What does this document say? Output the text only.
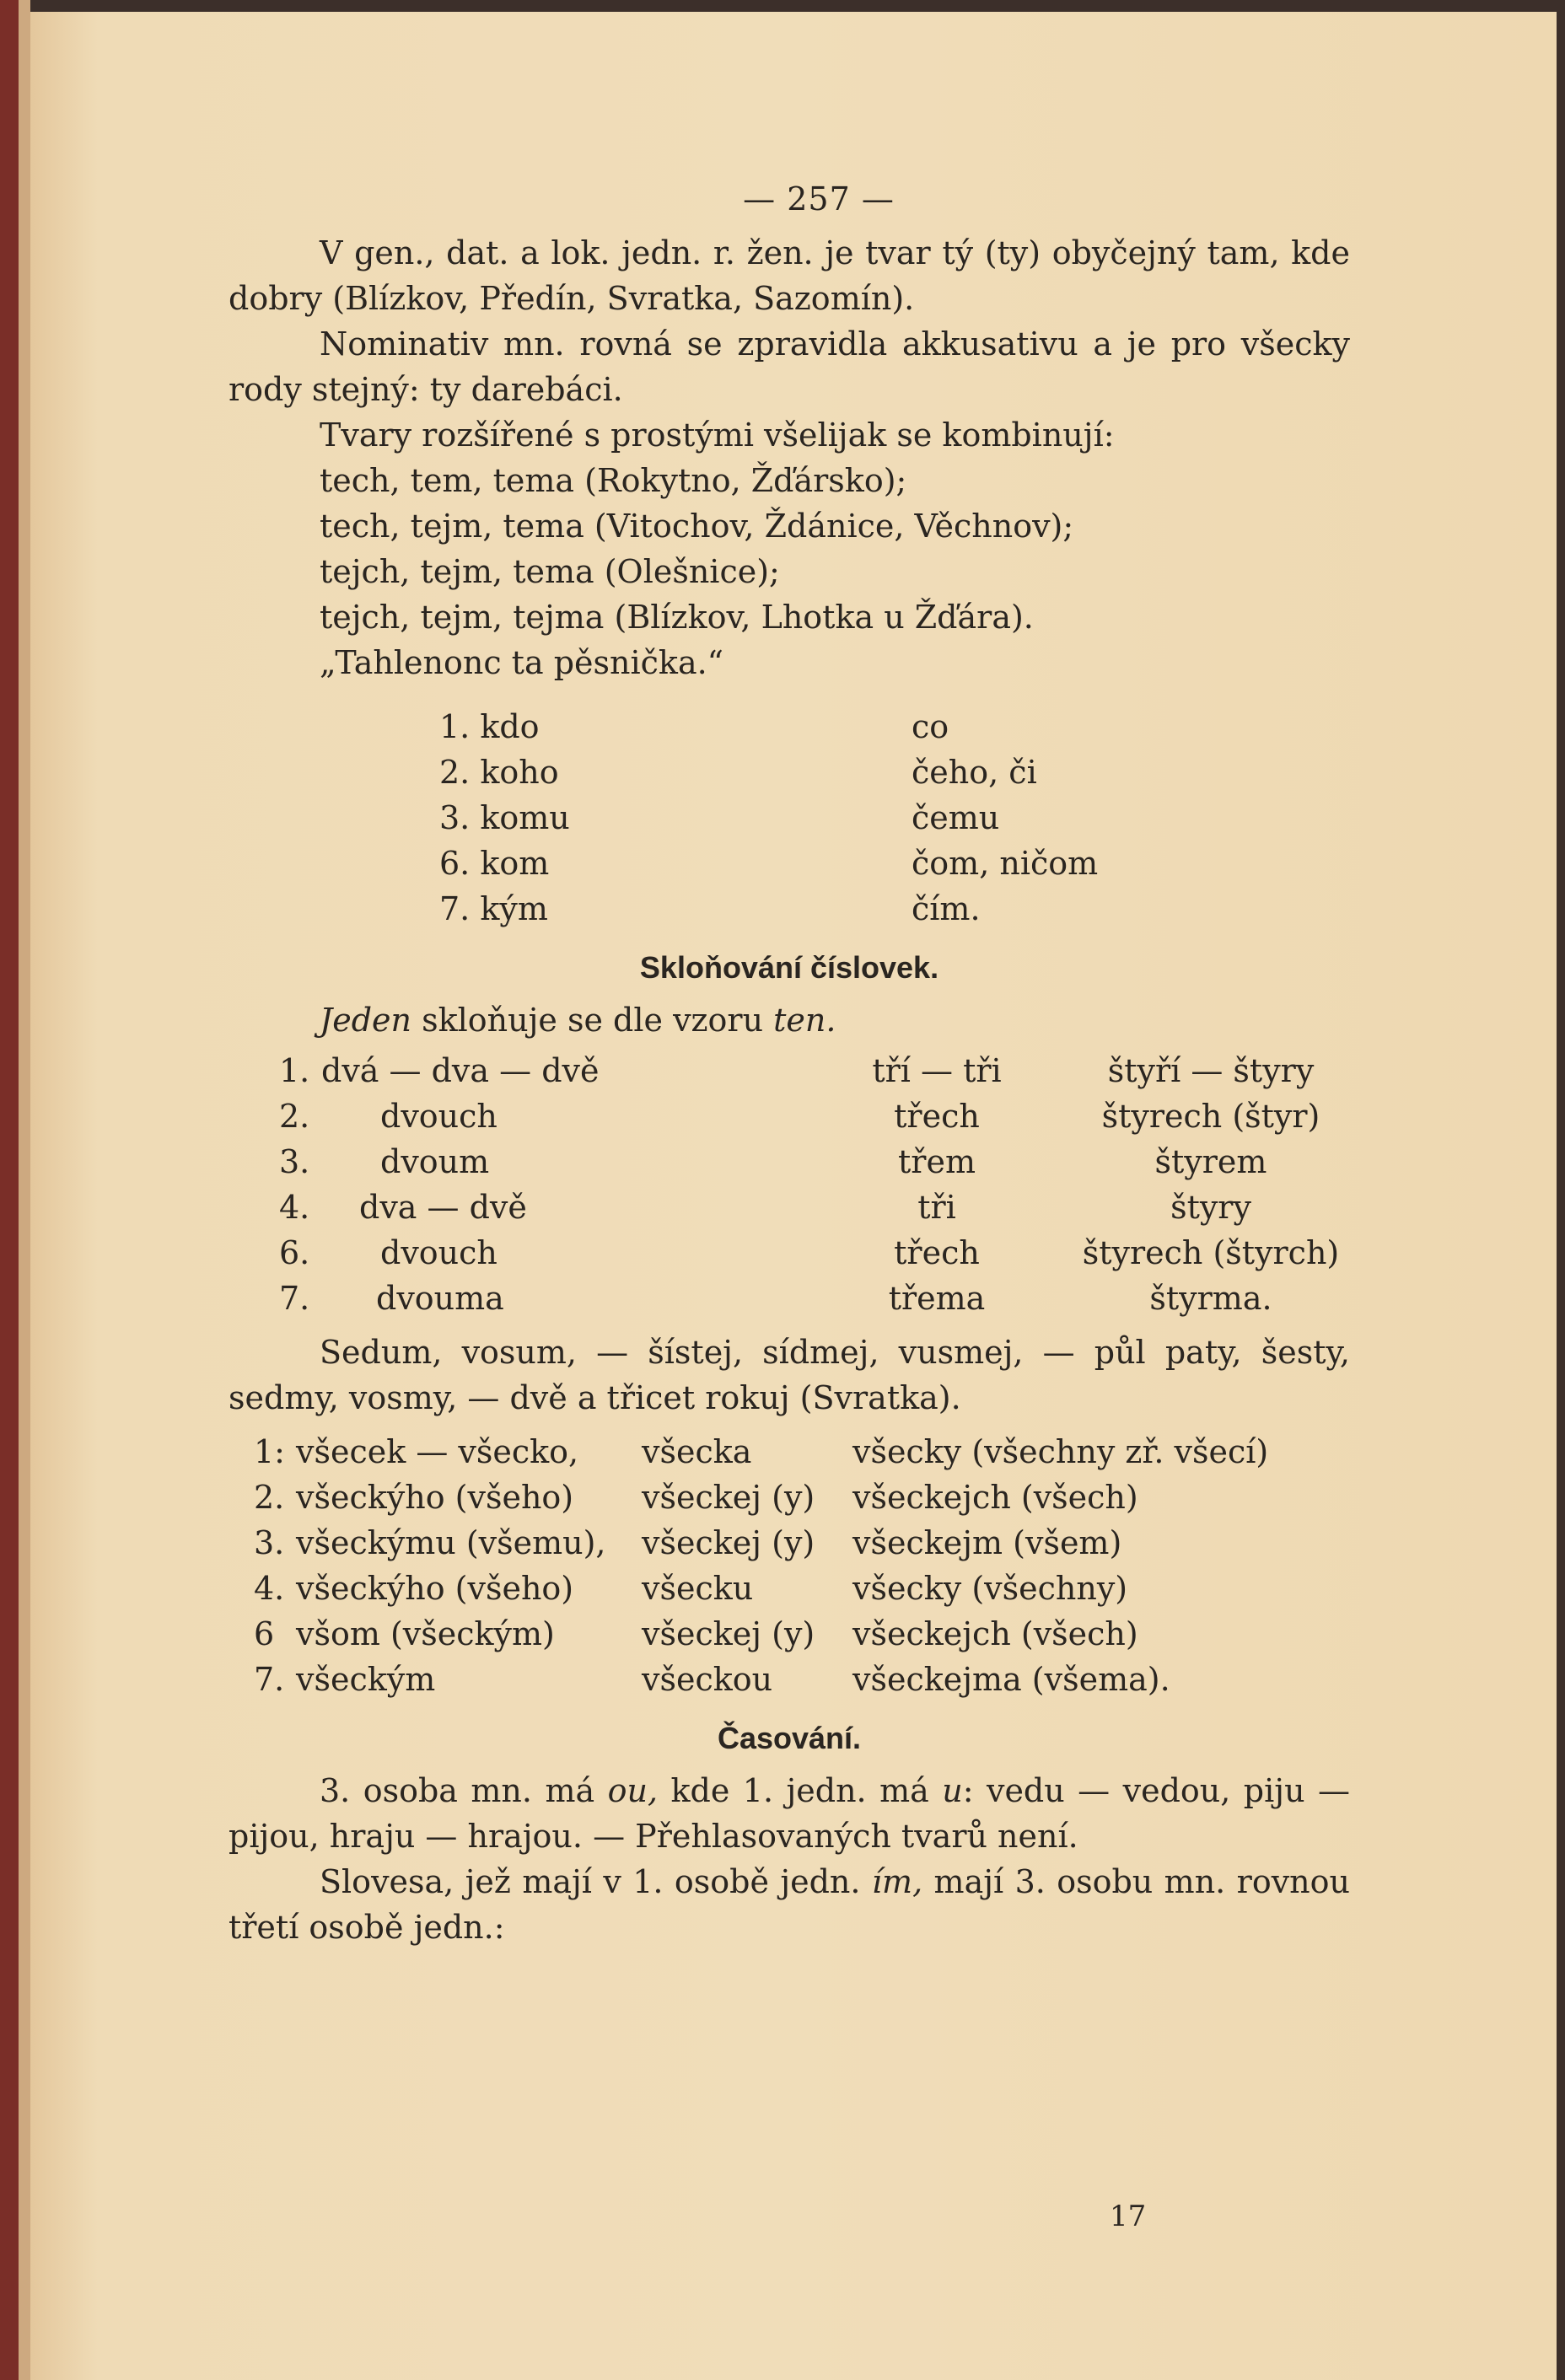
— 257 —

V gen., dat. a lok. jedn. r. žen. je tvar tý (ty) obyčejný tam, kde dobry (Blízkov, Předín, Svratka, Sazomín).

Nominativ mn. rovná se zpravidla akkusativu a je pro všecky rody stejný: ty darebáci.

Tvary rozšířené s prostými všelijak se kombinují:

tech, tem, tema (Rokytno, Žďársko);
tech, tejm, tema (Vitochov, Ždánice, Věchnov);
tejch, tejm, tema (Olešnice);
tejch, tejm, tejma (Blízkov, Lhotka u Žďára).
„Tahlenonc ta pěsnička.“
1. kdo	co
2. koho	čeho, či
3. komu	čemu
6. kom	čom, ničom
7. kým	čím.
Skloňování číslovek.

Jeden skloňuje se dle vzoru ten.

1. dvá — dva — dvě	tří — tři	štyří — štyry
2.	dvouch	třech	štyrech (štyr)
3.	dvoum	třem	štyrem
4.	dva — dvě	tři	štyry
6.	dvouch	třech	štyrech (štyrch)
7.	dvouma	třema	štyrma.

Sedum, vosum, — šístej, sídmej, vusmej, — půl paty, šesty, sedmy, vosmy, — dvě a třicet rokuj (Svratka).

1: všecek — všecko,	všecka	všecky (všechny zř. všecí)
2. všeckýho (všeho)	všeckej (y)	všeckejch (všech)
3. všeckýmu (všemu),	všeckej (y)	všeckejm (všem)
4. všeckýho (všeho)	všecku	všecky (všechny)
6 všom (všeckým)	všeckej (y)	všeckejch (všech)
7. všeckým	všeckou	všeckejma (všema).
Časování.

3. osoba mn. má ou, kde 1. jedn. má u: vedu — vedou, piju — pijou, hraju — hrajou. — Přehlasovaných tvarů není.

Slovesa, jež mají v 1. osobě jedn. ím, mají 3. osobu mn. rovnou třetí osobě jedn.:

17
